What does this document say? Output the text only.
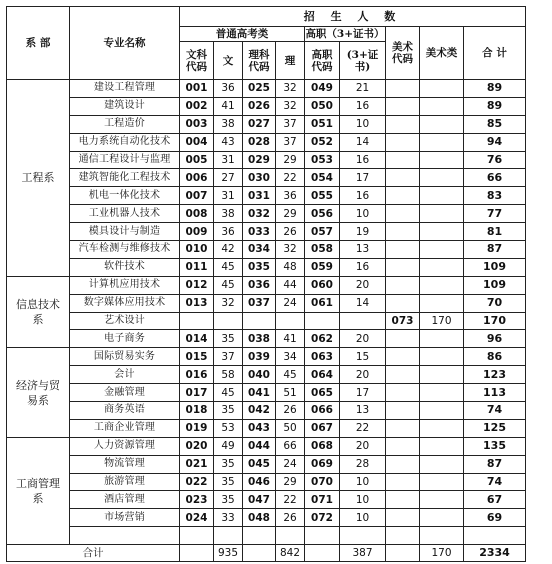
系 部	专业名称	招 生 人 数								
		普通高考类				高职（3+证书）		美术代码	美术类	合 计
		文科代码	文	理科代码	理	高职代码	(3+证书)			
工程系	建设工程管理	001	36	025	32	049	21			89
	建筑设计	002	41	026	32	050	16			89
	工程造价	003	38	027	37	051	10			85
	电力系统自动化技术	004	43	028	37	052	14			94
	通信工程设计与监理	005	31	029	29	053	16			76
	建筑智能化工程技术	006	27	030	22	054	17			66
	机电一体化技术	007	31	031	36	055	16			83
	工业机器人技术	008	38	032	29	056	10			77
	模具设计与制造	009	36	033	26	057	19			81
	汽车检测与维修技术	010	42	034	32	058	13			87
	软件技术	011	45	035	48	059	16			109
信息技术系	计算机应用技术	012	45	036	44	060	20			109
	数字媒体应用技术	013	32	037	24	061	14			70
	艺术设计							073	170	170
	电子商务	014	35	038	41	062	20			96
经济与贸易系	国际贸易实务	015	37	039	34	063	15			86
	会计	016	58	040	45	064	20			123
	金融管理	017	45	041	51	065	17			113
	商务英语	018	35	042	26	066	13			74
	工商企业管理	019	53	043	50	067	22			125
工商管理系	人力资源管理	020	49	044	66	068	20			135
	物流管理	021	35	045	24	069	28			87
	旅游管理	022	35	046	29	070	10			74
	酒店管理	023	35	047	22	071	10			67
	市场营销	024	33	048	26	072	10			69

合计			935		842		387		170	2334
